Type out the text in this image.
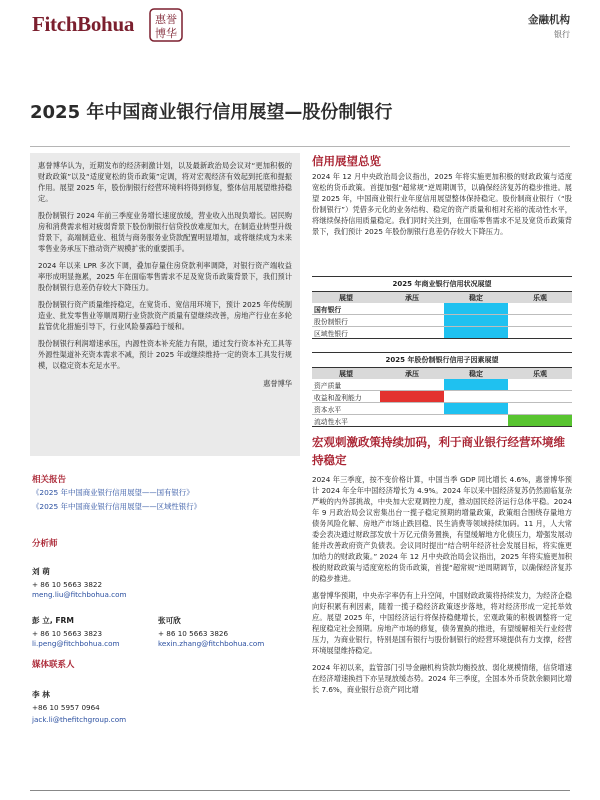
FitchBohua 惠誉
博华
金融机构
银行
2025 年中国商业银行信用展望—股份制银行

惠誉博华认为，近期发布的经济刺激计划，以及最新政治局会议对“更加积极的财政政策”以及“适度宽松的货币政策”定调，将对宏观经济有效起到托底和提振作用。展望 2025 年，股份制银行经营环境料将得到修复，整体信用展望维持稳定。

股份制银行 2024 年前三季度业务增长速度放缓，营业收入出现负增长。居民购房和消费需求相对疲弱背景下股份制银行信贷投放难度加大，在制造业转型升级背景下，高端制造业、租赁与商务服务业贷款配置明显增加，或将继续成为未来零售业务承压下推动资产规模扩张的重要抓手。

2024 年以来 LPR 多次下调，叠加存量住房贷款利率调降，对银行资产端收益率形成明显拖累，2025 年在面临零售需求不足及宽货币政策背景下，我们预计股份制银行息差仍存较大下降压力。

股份制银行资产质量维持稳定，在宽货币、宽信用环境下，预计 2025 年传统制造业、批发零售业等顺周期行业贷款资产质量有望继续改善，房地产行业在多轮监管优化措施引导下，行业风险暴露趋于缓和。

股份制银行利润增速承压，内源性资本补充能力有限，通过发行资本补充工具等外源性渠道补充资本需求不减，预计 2025 年或继续维持一定的资本工具发行规模，以稳定资本充足水平。

惠誉博华
相关报告
《2025 年中国商业银行信用展望——国有银行》
《2025 年中国商业银行信用展望——区域性银行》
分析师
刘 萌
+ 86 10 5663 3822
meng.liu@fitchbohua.com
彭 立, FRM
+ 86 10 5663 3823
li.peng@fitchbohua.com
张可欣
+ 86 10 5663 3826
kexin.zhang@fitchbohua.com
媒体联系人
李 林
+86 10 5957 0964
jack.li@thefitchgroup.com
信用展望总览
2024 年 12 月中央政治局会议指出，2025 年将实施更加积极的财政政策与适度宽松的货币政策。首提加强“超常规”逆周期调节，以确保经济复苏的稳步推进。展望 2025 年，中国商业银行业年度信用展望整体保持稳定。股份制商业银行（“股份制银行”）凭借多元化的业务结构、稳定的资产质量和相对充裕的流动性水平，将继续保持信用质量稳定。我们同时关注到，在面临零售需求不足及宽货币政策背景下，我们预计 2025 年股份制银行息差仍存较大下降压力。
2025 年商业银行信用状况展望
展望	承压	稳定	乐观
国有银行			
股份制银行			
区域性银行			
2025 年股份制银行信用子因素展望
展望	承压	稳定	乐观
资产质量			
收益和盈利能力			
资本水平			
流动性水平			
宏观刺激政策持续加码，利于商业银行经营环境维持稳定

2024 年三季度，按不变价格计算，中国当季 GDP 同比增长 4.6%，惠誉博华预计 2024 年全年中国经济增长为 4.9%。2024 年以来中国经济复苏仍然面临复杂严峻的内外部挑战，中央加大宏观调控力度，推动国民经济运行总体平稳。2024 年 9 月政治局会议密集出台一揽子稳定预期的增量政策，政策组合围绕存量地方债务风险化解、房地产市场止跌回稳、民生消费等领域持续加码。11 月，人大常委会表决通过财政部发放十万亿元债务置换，有望缓解地方化债压力，增强发展动能并改善政府资产负债表。会议同时提出“结合明年经济社会发展目标，将实施更加给力的财政政策。” 2024 年 12 月中央政治局会议指出，2025 年将实施更加积极的财政政策与适度宽松的货币政策，首提“超常规”逆周期调节，以确保经济复苏的稳步推进。

惠誉博华预期，中央赤字率仍有上升空间，中国财政政策将持续发力，为经济企稳向好积累有利因素，随着一揽子稳经济政策逐步落地，将对经济形成一定托举效应。展望 2025 年，中国经济运行将保持稳健增长，宏观政策的积极调整将一定程度稳定社会预期。房地产市场的修复，债务置换的推进，有望缓解相关行业经营压力，为商业银行，特别是国有银行与股份制银行的经营环境提供有力支撑，经营环境展望维持稳定。

2024 年初以来，监管部门引导金融机构贷款均衡投放、弱化规模情绪，信贷增速在经济增速换挡下亦呈现放缓态势。2024 年三季度，全国本外币贷款余额同比增长 7.6%，商业银行总资产同比增
